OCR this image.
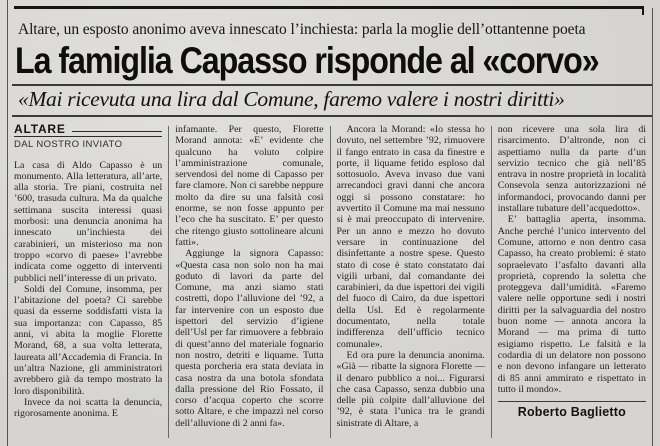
Altare, un esposto anonimo aveva innescato l’inchiesta: parla la moglie dell’ottantenne poeta
La famiglia Capasso risponde al «corvo»
«Mai ricevuta una lira dal Comune, faremo valere i nostri diritti»
ALTARE
DAL NOSTRO INVIATO

La casa di Aldo Capasso è un monumento. Alla letteratura, all’arte, alla storia. Tre piani, costruita nel ’600, trasuda cultura. Ma da qualche settimana suscita interessi quasi morbosi: una denuncia anonima ha innescato un’inchiesta dei carabinieri, un misterioso ma non troppo «corvo di paese» l’avrebbe indicata come oggetto di interventi pubblici nell’interesse di un privato.

Soldi del Comune, insomma, per l’abitazione del poeta? Ci sarebbe quasi da esserne soddisfatti vista la sua importanza: con Capasso, 85 anni, vi abita la moglie Florette Morand, 68, a sua volta letterata, laureata all’Accademia di Francia. In un’altra Nazione, gli amministratori avrebbero già da tempo mostrato la loro disponibilità.

Invece da noi scatta la denuncia, rigorosamente anonima. E

infamante. Per questo, Florette Morand annota: «E’ evidente che qualcuno ha voluto colpire l’amministrazione comunale, servendosi del nome di Capasso per fare clamore. Non ci sarebbe neppure molto da dire su una falsità così enorme, se non fosse appunto per l’eco che ha suscitato. E’ per questo che ritengo giusto sottolineare alcuni fatti».

Aggiunge la signora Capasso: «Questa casa non solo non ha mai goduto di lavori da parte del Comune, ma anzi siamo stati costretti, dopo l’alluvione del ’92, a far intervenire con un esposto due ispettori del servizio d’igiene dell’Usl per far rimuovere a febbraio di quest’anno del materiale fognario non nostro, detriti e liquame. Tutta questa porcheria era stata deviata in casa nostra da una botola sfondata dalla pressione del Rio Fossato, il corso d’acqua coperto che scorre sotto Altare, e che impazzì nel corso dell’alluvione di 2 anni fa».

Ancora la Morand: «Io stessa ho dovuto, nel settembre ’92, rimuovere il fango entrato in casa da finestre e porte, il liquame fetido esploso dal sottosuolo. Aveva invaso due vani arrecandoci gravi danni che ancora oggi si possono constatare: ho avvertito il Comune ma mai nessuno si è mai preoccupato di intervenire. Per un anno e mezzo ho dovuto versare in continuazione del disinfettante a nostre spese. Questo stato di cose è stato constatato dai vigili urbani, dal comandante dei carabinieri, da due ispettori dei vigili del fuoco di Cairo, da due ispettori della Usl. Ed è regolarmente documentato, nella totale indifferenza dell’ufficio tecnico comunale».

Ed ora pure la denuncia anonima. «Già — ribatte la signora Florette — il denaro pubblico a noi... Figurarsi che casa Capasso, senza dubbio una delle più colpite dall’alluvione del ’92, è stata l’unica tra le grandi sinistrate di Altare, a

non ricevere una sola lira di risarcimento. D’altronde, non ci aspettiamo nulla da parte d’un servizio tecnico che già nell’85 entrava in nostre proprietà in località Consevola senza autorizzazioni né informandoci, provocando danni per installare tubature dell’acquedotto».

E’ battaglia aperta, insomma. Anche perché l’unico intervento del Comune, attorno e non dentro casa Capasso, ha creato problemi: è stato sopraelevato l’asfalto davanti alla proprietà, coprendo la soletta che proteggeva dall’umidità. «Faremo valere nelle opportune sedi i nostri diritti per la salvaguardia del nostro buon nome — annota ancora la Morand — ma prima di tutto esigiamo rispetto. Le falsità e la codardia di un delatore non possono e non devono infangare un letterato di 85 anni ammirato e rispettato in tutto il mondo».

Roberto Baglietto
